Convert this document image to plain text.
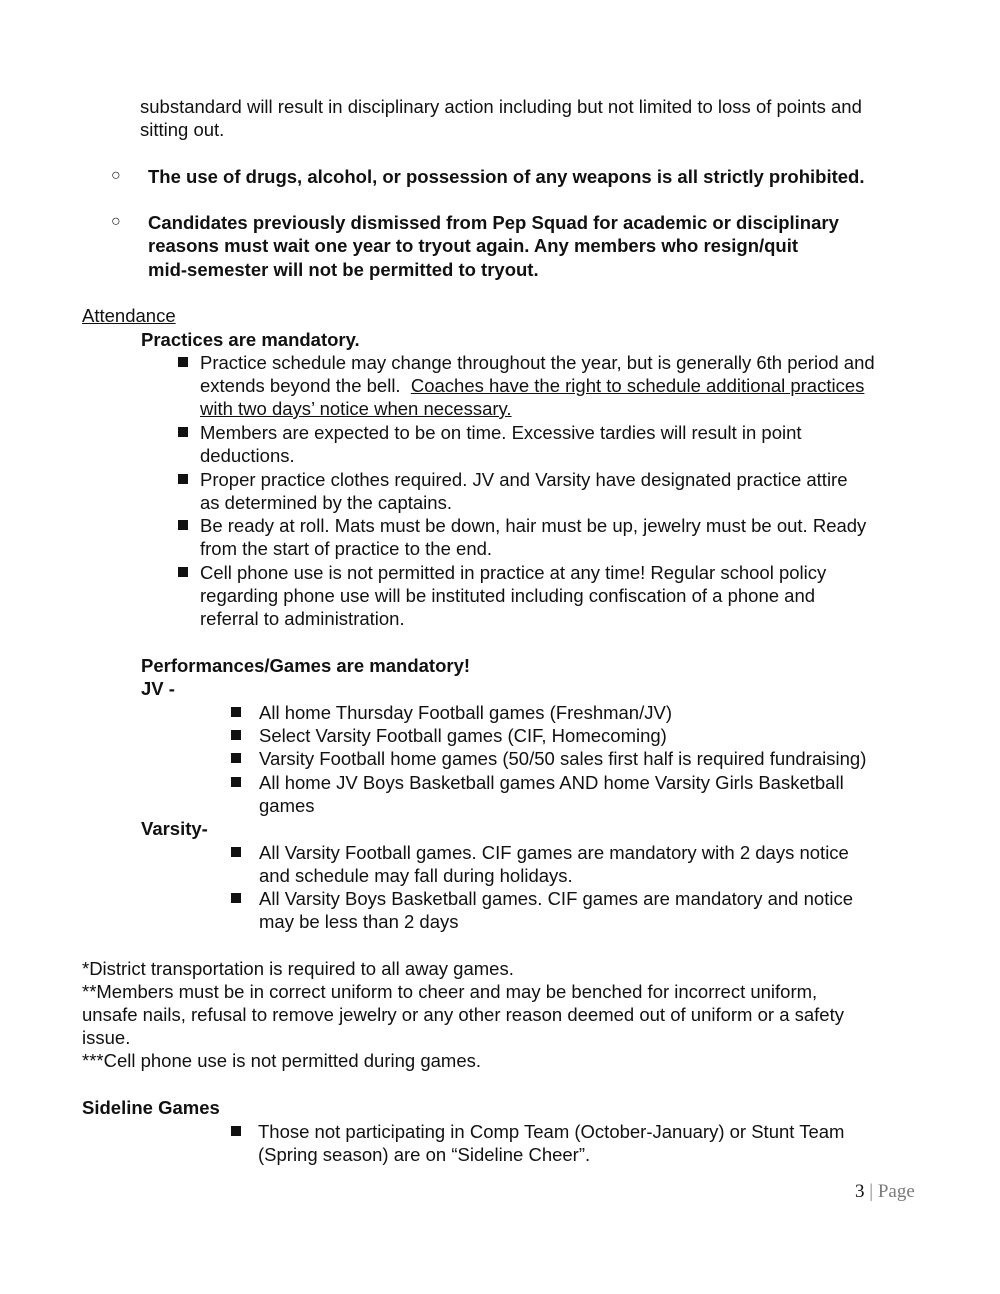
substandard will result in disciplinary action including but not limited to loss of points and
sitting out.
○ The use of drugs, alcohol, or possession of any weapons is all strictly prohibited.
○ Candidates previously dismissed from Pep Squad for academic or disciplinary
reasons must wait one year to tryout again. Any members who resign/quit
mid-semester will not be permitted to tryout.
Attendance
Practices are mandatory.
Practice schedule may change throughout the year, but is generally 6th period and
extends beyond the bell.  Coaches have the right to schedule additional practices
with two days’ notice when necessary.
Members are expected to be on time. Excessive tardies will result in point
deductions.
Proper practice clothes required. JV and Varsity have designated practice attire
as determined by the captains.
Be ready at roll. Mats must be down, hair must be up, jewelry must be out. Ready
from the start of practice to the end.
Cell phone use is not permitted in practice at any time! Regular school policy
regarding phone use will be instituted including confiscation of a phone and
referral to administration.
Performances/Games are mandatory!
JV -
All home Thursday Football games (Freshman/JV)
Select Varsity Football games (CIF, Homecoming)
Varsity Football home games (50/50 sales first half is required fundraising)
All home JV Boys Basketball games AND home Varsity Girls Basketball
games
Varsity-
All Varsity Football games. CIF games are mandatory with 2 days notice
and schedule may fall during holidays.
All Varsity Boys Basketball games. CIF games are mandatory and notice
may be less than 2 days
*District transportation is required to all away games.
**Members must be in correct uniform to cheer and may be benched for incorrect uniform,
unsafe nails, refusal to remove jewelry or any other reason deemed out of uniform or a safety
issue.
***Cell phone use is not permitted during games.
Sideline Games
Those not participating in Comp Team (October-January) or Stunt Team
(Spring season) are on “Sideline Cheer”.
3 | Page
